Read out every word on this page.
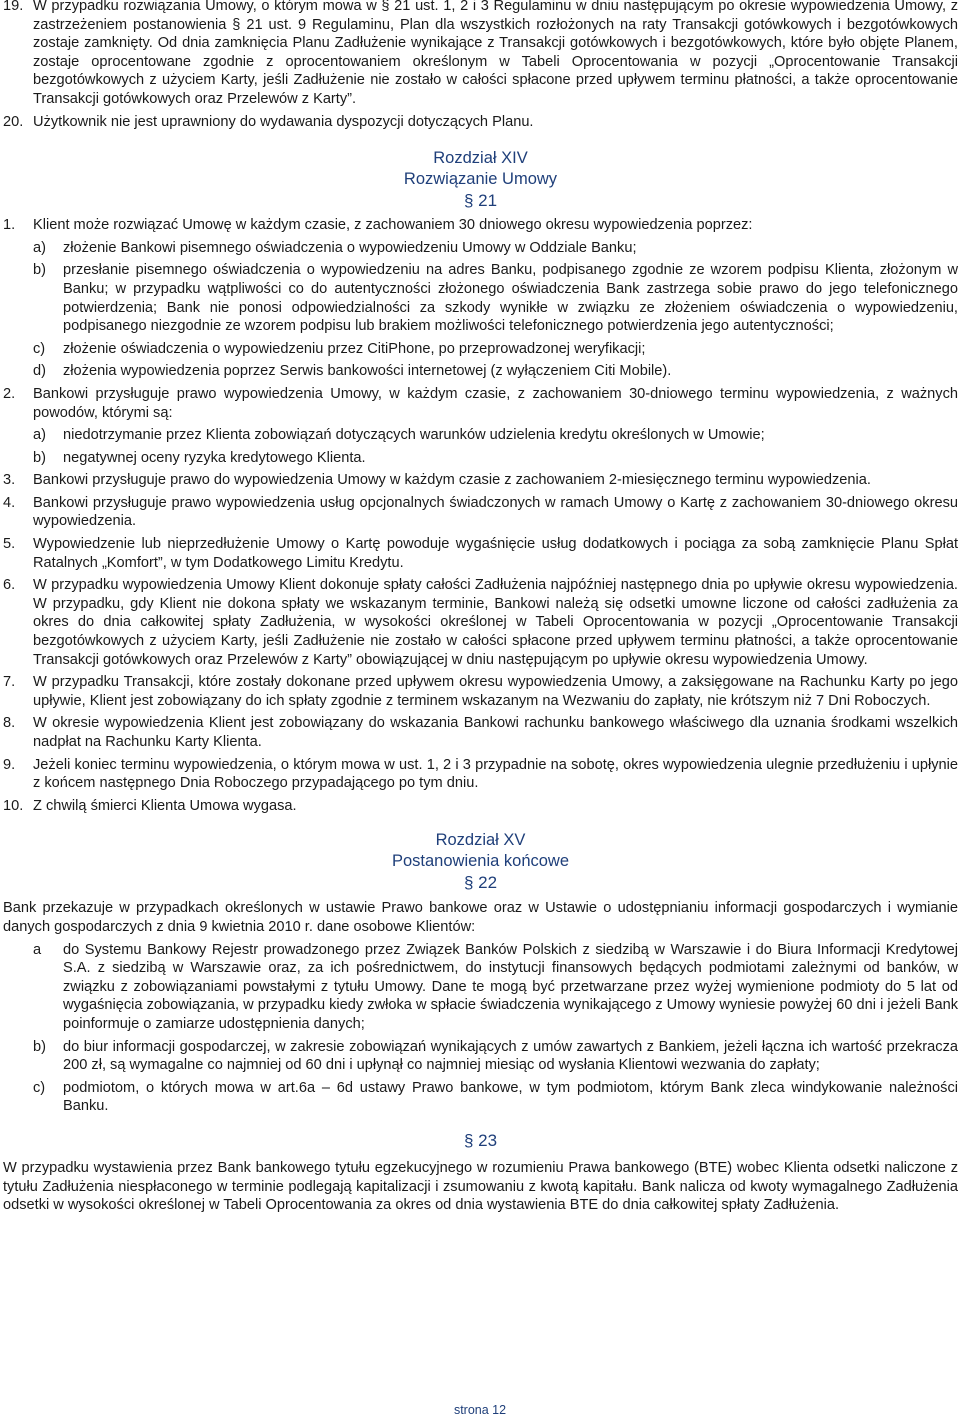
19. W przypadku rozwiązania Umowy, o którym mowa w § 21 ust. 1, 2 i 3 Regulaminu w dniu następującym po okresie wypowiedzenia Umowy, z zastrzeżeniem postanowienia § 21 ust. 9 Regulaminu, Plan dla wszystkich rozłożonych na raty Transakcji gotówkowych i bezgotówkowych zostaje zamknięty. Od dnia zamknięcia Planu Zadłużenie wynikające z Transakcji gotówkowych i bezgotówkowych, które było objęte Planem, zostaje oprocentowane zgodnie z oprocentowaniem określonym w Tabeli Oprocentowania w pozycji „Oprocentowanie Transakcji bezgotówkowych z użyciem Karty, jeśli Zadłużenie nie zostało w całości spłacone przed upływem terminu płatności, a także oprocentowanie Transakcji gotówkowych oraz Przelewów z Karty”.
20. Użytkownik nie jest uprawniony do wydawania dyspozycji dotyczących Planu.
Rozdział XIV
Rozwiązanie Umowy
§ 21
1. Klient może rozwiązać Umowę w każdym czasie, z zachowaniem 30 dniowego okresu wypowiedzenia poprzez:
a) złożenie Bankowi pisemnego oświadczenia o wypowiedzeniu Umowy w Oddziale Banku;
b) przesłanie pisemnego oświadczenia o wypowiedzeniu na adres Banku, podpisanego zgodnie ze wzorem podpisu Klienta, złożonym w Banku; w przypadku wątpliwości co do autentyczności złożonego oświadczenia Bank zastrzega sobie prawo do jego telefonicznego potwierdzenia; Bank nie ponosi odpowiedzialności za szkody wynikłe w związku ze złożeniem oświadczenia o wypowiedzeniu, podpisanego niezgodnie ze wzorem podpisu lub brakiem możliwości telefonicznego potwierdzenia jego autentyczności;
c) złożenie oświadczenia o wypowiedzeniu przez CitiPhone, po przeprowadzonej weryfikacji;
d) złożenia wypowiedzenia poprzez Serwis bankowości internetowej (z wyłączeniem Citi Mobile).
2. Bankowi przysługuje prawo wypowiedzenia Umowy, w każdym czasie, z zachowaniem 30-dniowego terminu wypowiedzenia, z ważnych powodów, którymi są:
a) niedotrzymanie przez Klienta zobowiązań dotyczących warunków udzielenia kredytu określonych w Umowie;
b) negatywnej oceny ryzyka kredytowego Klienta.
3. Bankowi przysługuje prawo do wypowiedzenia Umowy w każdym czasie z zachowaniem 2-miesięcznego terminu wypowiedzenia.
4. Bankowi przysługuje prawo wypowiedzenia usług opcjonalnych świadczonych w ramach Umowy o Kartę z zachowaniem 30-dniowego okresu wypowiedzenia.
5. Wypowiedzenie lub nieprzedłużenie Umowy o Kartę powoduje wygaśnięcie usług dodatkowych i pociąga za sobą zamknięcie Planu Spłat Ratalnych „Komfort”, w tym Dodatkowego Limitu Kredytu.
6. W przypadku wypowiedzenia Umowy Klient dokonuje spłaty całości Zadłużenia najpóźniej następnego dnia po upływie okresu wypowiedzenia. W przypadku, gdy Klient nie dokona spłaty we wskazanym terminie, Bankowi należą się odsetki umowne liczone od całości zadłużenia za okres do dnia całkowitej spłaty Zadłużenia, w wysokości określonej w Tabeli Oprocentowania w pozycji „Oprocentowanie Transakcji bezgotówkowych z użyciem Karty, jeśli Zadłużenie nie zostało w całości spłacone przed upływem terminu płatności, a także oprocentowanie Transakcji gotówkowych oraz Przelewów z Karty” obowiązującej w dniu następującym po upływie okresu wypowiedzenia Umowy.
7. W przypadku Transakcji, które zostały dokonane przed upływem okresu wypowiedzenia Umowy, a zaksięgowane na Rachunku Karty po jego upływie, Klient jest zobowiązany do ich spłaty zgodnie z terminem wskazanym na Wezwaniu do zapłaty, nie krótszym niż 7 Dni Roboczych.
8. W okresie wypowiedzenia Klient jest zobowiązany do wskazania Bankowi rachunku bankowego właściwego dla uznania środkami wszelkich nadpłat na Rachunku Karty Klienta.
9. Jeżeli koniec terminu wypowiedzenia, o którym mowa w ust. 1, 2 i 3 przypadnie na sobotę, okres wypowiedzenia ulegnie przedłużeniu i upłynie z końcem następnego Dnia Roboczego przypadającego po tym dniu.
10. Z chwilą śmierci Klienta Umowa wygasa.
Rozdział XV
Postanowienia końcowe
§ 22
Bank przekazuje w przypadkach określonych w ustawie Prawo bankowe oraz w Ustawie o udostępnianiu informacji gospodarczych i wymianie danych gospodarczych z dnia 9 kwietnia 2010 r. dane osobowe Klientów:
a do Systemu Bankowy Rejestr prowadzonego przez Związek Banków Polskich z siedzibą w Warszawie i do Biura Informacji Kredytowej S.A. z siedzibą w Warszawie oraz, za ich pośrednictwem, do instytucji finansowych będących podmiotami zależnymi od banków, w związku z zobowiązaniami powstałymi z tytułu Umowy. Dane te mogą być przetwarzane przez wyżej wymienione podmioty do 5 lat od wygaśnięcia zobowiązania, w przypadku kiedy zwłoka w spłacie świadczenia wynikającego z Umowy wyniesie powyżej 60 dni i jeżeli Bank poinformuje o zamiarze udostępnienia danych;
b) do biur informacji gospodarczej, w zakresie zobowiązań wynikających z umów zawartych z Bankiem, jeżeli łączna ich wartość przekracza 200 zł, są wymagalne co najmniej od 60 dni i upłynął co najmniej miesiąc od wysłania Klientowi wezwania do zapłaty;
c) podmiotom, o których mowa w art.6a – 6d ustawy Prawo bankowe, w tym podmiotom, którym Bank zleca windykowanie należności Banku.
§ 23
W przypadku wystawienia przez Bank bankowego tytułu egzekucyjnego w rozumieniu Prawa bankowego (BTE) wobec Klienta odsetki naliczone z tytułu Zadłużenia niespłaconego w terminie podlegają kapitalizacji i zsumowaniu z kwotą kapitału. Bank nalicza od kwoty wymagalnego Zadłużenia odsetki w wysokości określonej w Tabeli Oprocentowania za okres od dnia wystawienia BTE do dnia całkowitej spłaty Zadłużenia.
strona 12
